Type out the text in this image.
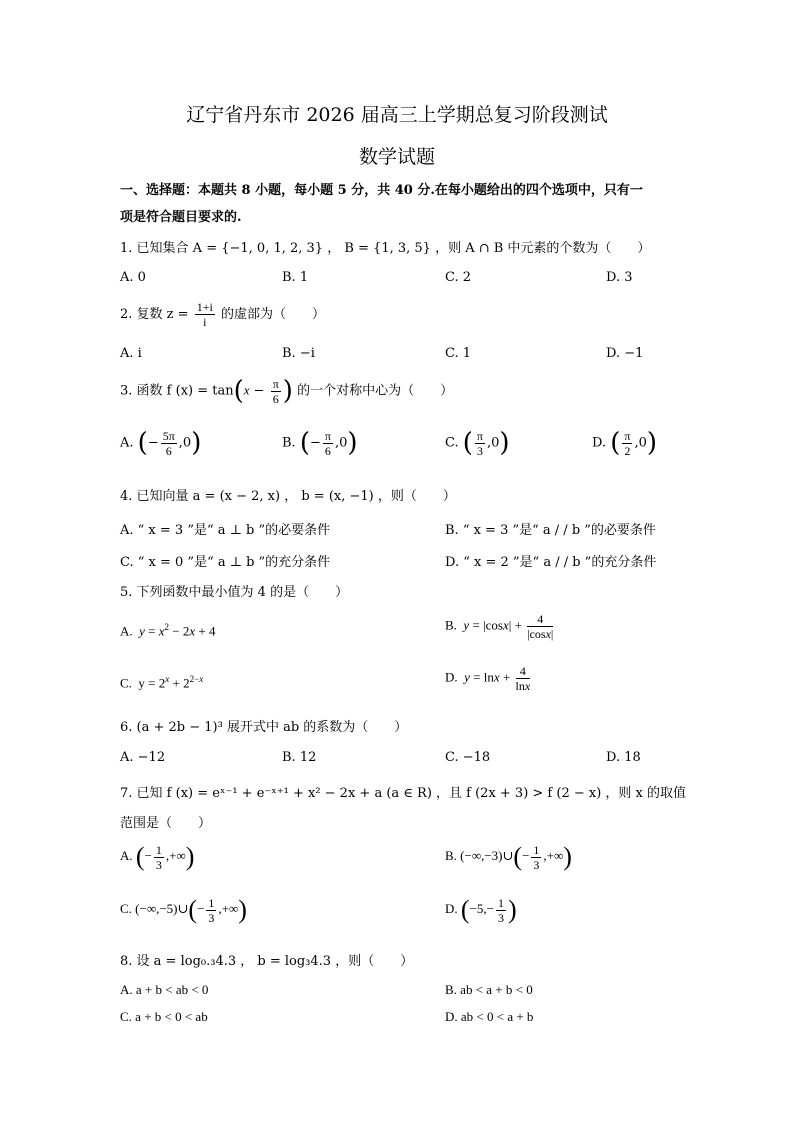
辽宁省丹东市 2026 届高三上学期总复习阶段测试
数学试题
一、选择题：本题共 8 小题，每小题 5 分，共 40 分.在每小题给出的四个选项中，只有一
项是符合题目要求的.
1. 已知集合 A = {−1, 0, 1, 2, 3} ， B = {1, 3, 5} ，则 A ∩ B 中元素的个数为（　　）
A. 0	B. 1	C. 2	D. 3
2. 复数 $z = \frac{1+i}{i}$ 的虚部为（　　）
A. i	B. −i	C. 1	D. −1
3. 函数 f $(x) = \tan(x - \frac{\pi}{6}$ ) 的一个对称中心为（　　）
A. (− $\frac{5\pi}{6} ,0$)	B. (− $\frac{\pi}{6} ,0$)	C. ( $\frac{\pi}{3} ,0$)	D. ( $\frac{\pi}{2} ,0$)
4. 已知向量 a = (x − 2, x) ， b = (x, −1) ，则（　　）
A. “ x = 3 ”是“ a ⊥ b ”的必要条件	B. “ x = 3 ”是“ a / / b ”的必要条件
C. “ x = 0 ”是“ a ⊥ b ”的充分条件	D. “ x = 2 ”是“ a / / b ”的充分条件
5. 下列函数中最小值为 4 的是（　　）
A. $y = x^2 - 2x + 4$	B. $y = |\cos x| + \frac{4}{|\cos x|}$
C.  $y = 2^x + 2^{2-x}$	D. $y = \ln x + \frac{4}{\ln x}$
6. (a + 2b − 1)³ 展开式中 ab 的系数为（　　）
A. −12	B. 12	C. −18	D. 18
7. 已知 f (x) = eˣ⁻¹ + e⁻ˣ⁺¹ + x² − 2x + a (a ∈ R) ，且 f (2x + 3) > f (2 − x) ，则 x 的取值
范围是（　　）
A. (− $\frac{1}{3}$ ,+∞)	B. (−∞,−3)∪(− $\frac{1}{3}$ ,+∞)
C. (−∞,−5)∪(− $\frac{1}{3}$ ,+∞)	D. ($-5,- \frac{1}{3}$ )
8. 设 a = log₀.₃4.3 ， b = log₃4.3 ，则（　　）
A. a + b < ab < 0	B. ab < a + b < 0
C. a + b < 0 < ab	D. ab < 0 < a + b
